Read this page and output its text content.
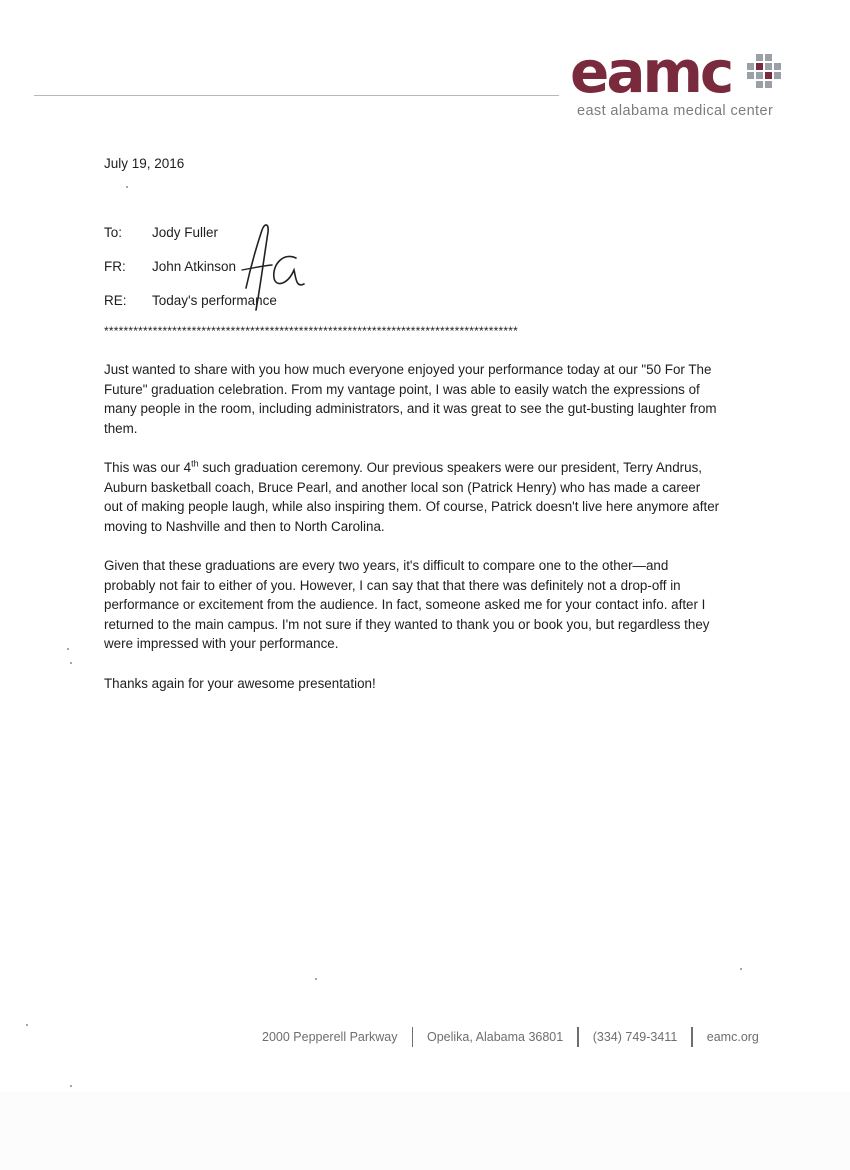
eamc
east alabama medical center
July 19, 2016
To: Jody Fuller
FR: John Atkinson
RE: Today's performance
*************************************************************************************

Just wanted to share with you how much everyone enjoyed your performance today at our "50 For The Future" graduation celebration. From my vantage point, I was able to easily watch the expressions of many people in the room, including administrators, and it was great to see the gut-busting laughter from them.

This was our 4th such graduation ceremony. Our previous speakers were our president, Terry Andrus, Auburn basketball coach, Bruce Pearl, and another local son (Patrick Henry) who has made a career out of making people laugh, while also inspiring them. Of course, Patrick doesn't live here anymore after moving to Nashville and then to North Carolina.

Given that these graduations are every two years, it's difficult to compare one to the other—and probably not fair to either of you. However, I can say that that there was definitely not a drop-off in performance or excitement from the audience. In fact, someone asked me for your contact info. after I returned to the main campus. I'm not sure if they wanted to thank you or book you, but regardless they were impressed with your performance.

Thanks again for your awesome presentation!

2000 Pepperell Parkway Opelika, Alabama 36801 (334) 749-3411 eamc.org
